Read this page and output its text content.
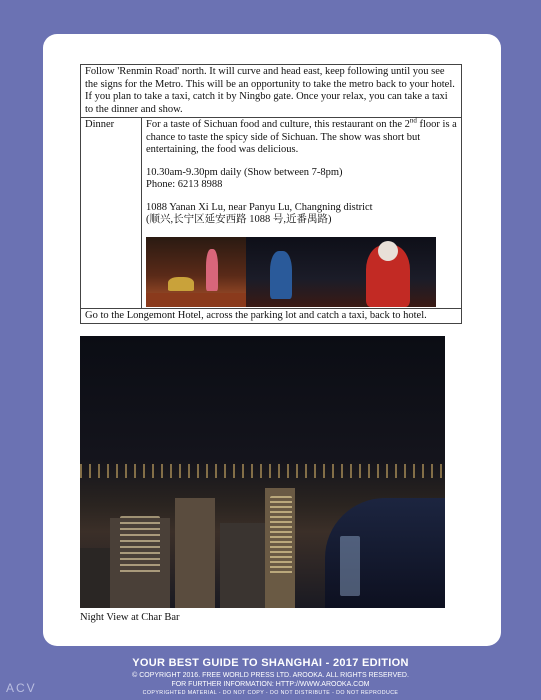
Follow 'Renmin Road' north. It will curve and head east, keep following until you see the signs for the Metro. This will be an opportunity to take the metro back to your hotel. If you plan to take a taxi, catch it by Ningbo gate. Once your relax, you can take a taxi to the dinner and show.
Dinner	For a taste of Sichuan food and culture, this restaurant on the 2nd floor is a chance to taste the spicy side of Sichuan. The show was short but entertaining, the food was delicious.

10.30am-9.30pm daily (Show between 7-8pm)

Phone: 6213 8988

1088 Yanan Xi Lu, near Panyu Lu, Changning district

(顺兴,长宁区延安西路 1088 号,近番禺路)

Go to the Longemont Hotel, across the parking lot and catch a taxi, back to hotel.
Night View at Char Bar
YOUR BEST GUIDE TO SHANGHAI - 2017 EDITION
© COPYRIGHT 2016. FREE WORLD PRESS LTD. AROOKA. ALL RIGHTS RESERVED.
FOR FURTHER INFORMATION: HTTP://WWW.AROOKA.COM
COPYRIGHTED MATERIAL - DO NOT COPY - DO NOT DISTRIBUTE - DO NOT REPRODUCE
ACV
